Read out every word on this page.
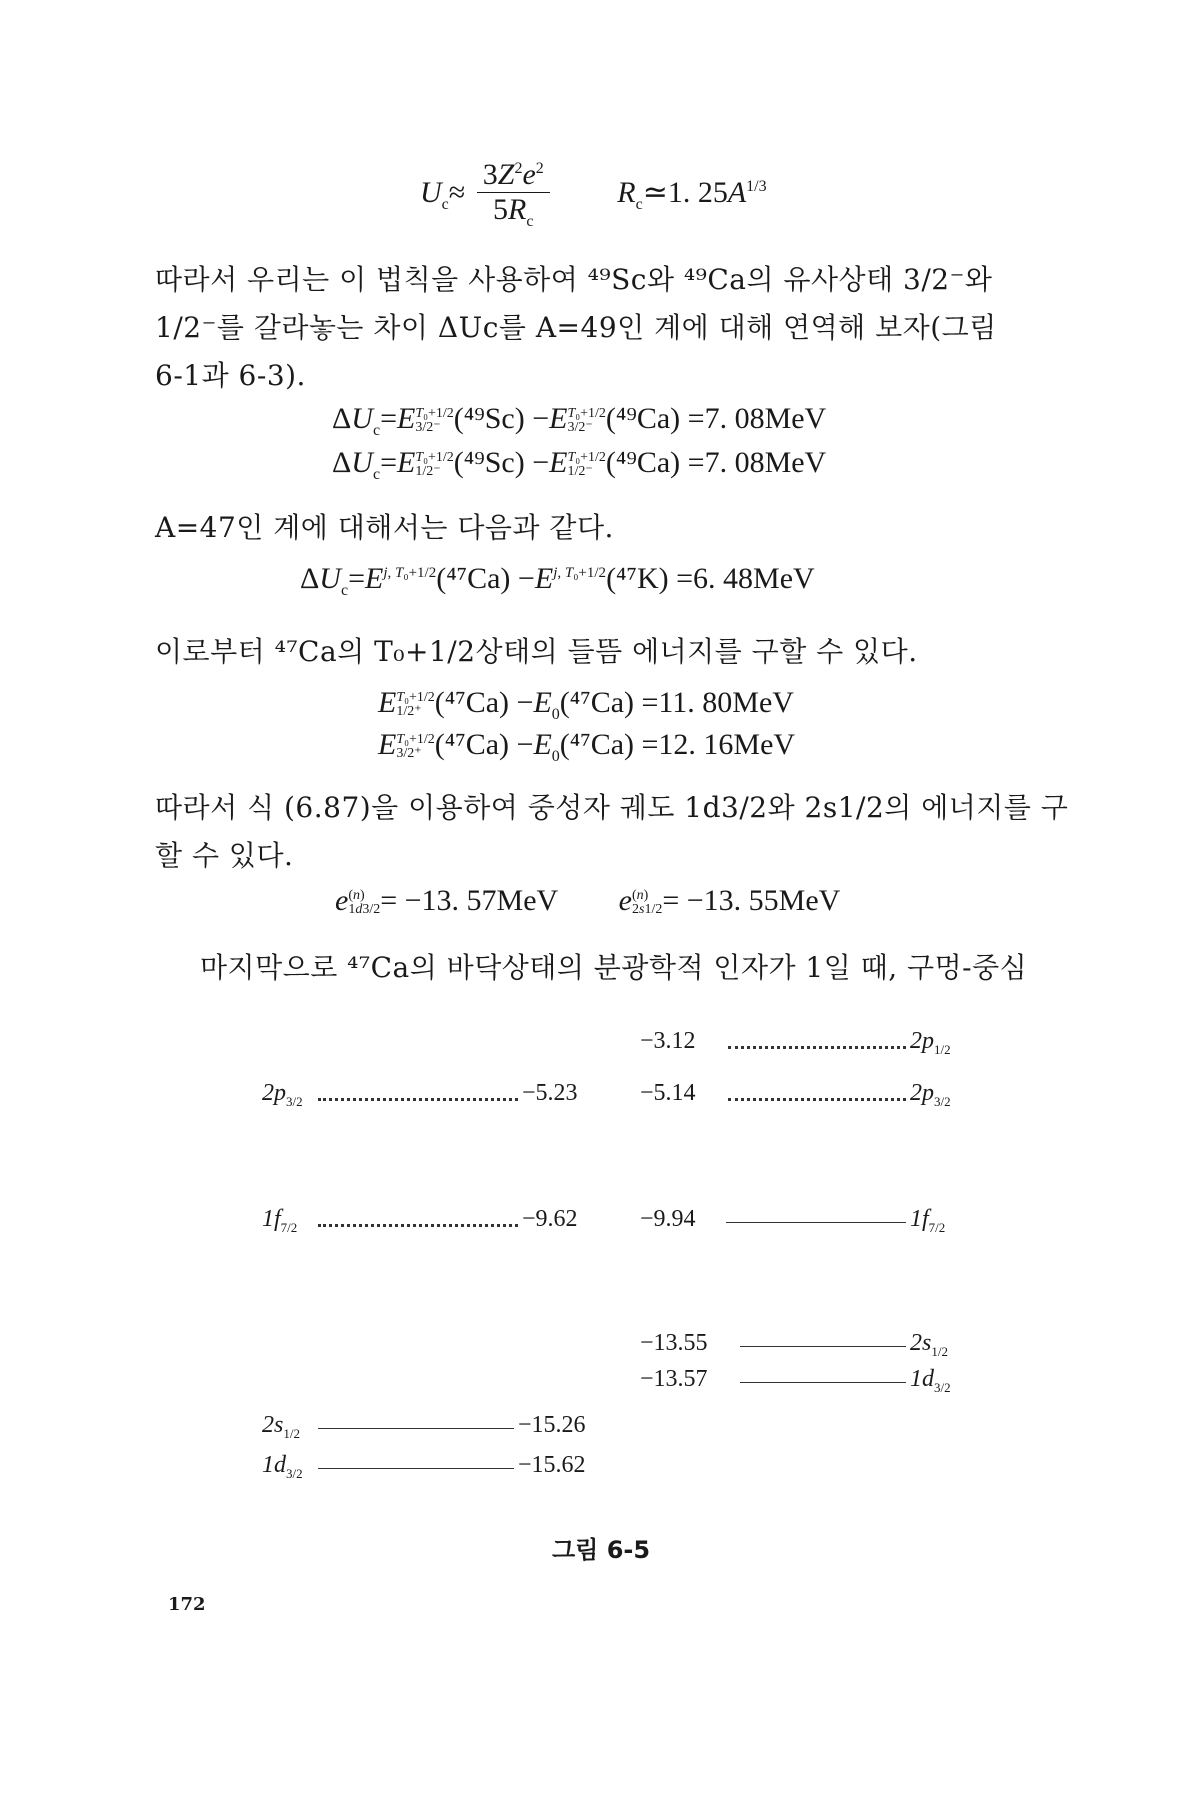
$U_c\approx \frac{3Z^2e^2}{5R_c}$ $R_c≃1$. $25A^{1/3}$
따라서 우리는 이 법칙을 사용하여 ⁴⁹Sc와 ⁴⁹Ca의 유사상태 3/2⁻와
1/2⁻를 갈라놓는 차이 ΔUc를 A=49인 계에 대해 연역해 보자(그림
6-1과 6-3).
$\Delta U_c=E$ T₀+1/2
3/2⁻ (⁴⁹Sc) −E T₀+1/2
3/2⁻ (⁴⁹Ca) =7. 08MeV
$\Delta U_c=E$ T₀+1/2
1/2⁻ (⁴⁹Sc) −E T₀+1/2
1/2⁻ (⁴⁹Ca) =7. 08MeV
A=47인 계에 대해서는 다음과 같다.
$\Delta U_c=E^{j, T_0+1/2}(^{47}Ca) -E^{j, T_0+1/2}(^{47}K) =6$. 48MeV
이로부터 ⁴⁷Ca의 T₀+1/2상태의 들뜸 에너지를 구할 수 있다.
E T₀+1/2
1/2⁺ $(^{47}Ca) -E_0(^{47}Ca) =11$. 80MeV
E T₀+1/2
3/2⁺ $(^{47}Ca) -E_0(^{47}Ca) =12$. 16MeV
따라서 식 (6.87)을 이용하여 중성자 궤도 1d3/2와 2s1/2의 에너지를 구
할 수 있다.
e (n)
1d3/2 = −13. 57MeV  e (n)
2s1/2 = −13. 55MeV
마지막으로 ⁴⁷Ca의 바닥상태의 분광학적 인자가 1일 때, 구멍-중심
−3.12	$2p_{1/2}$
−5.14	$2p_{3/2}$
−9.94	$1f_{7/2}$
−13.55	$2s_{1/2}$
−13.57	$1d_{3/2}$
$2p_{3/2}$	−5.23
$1f_{7/2}$	−9.62
$2s_{1/2}$	−15.26
$1d_{3/2}$	−15.62
그림 6-5
172
